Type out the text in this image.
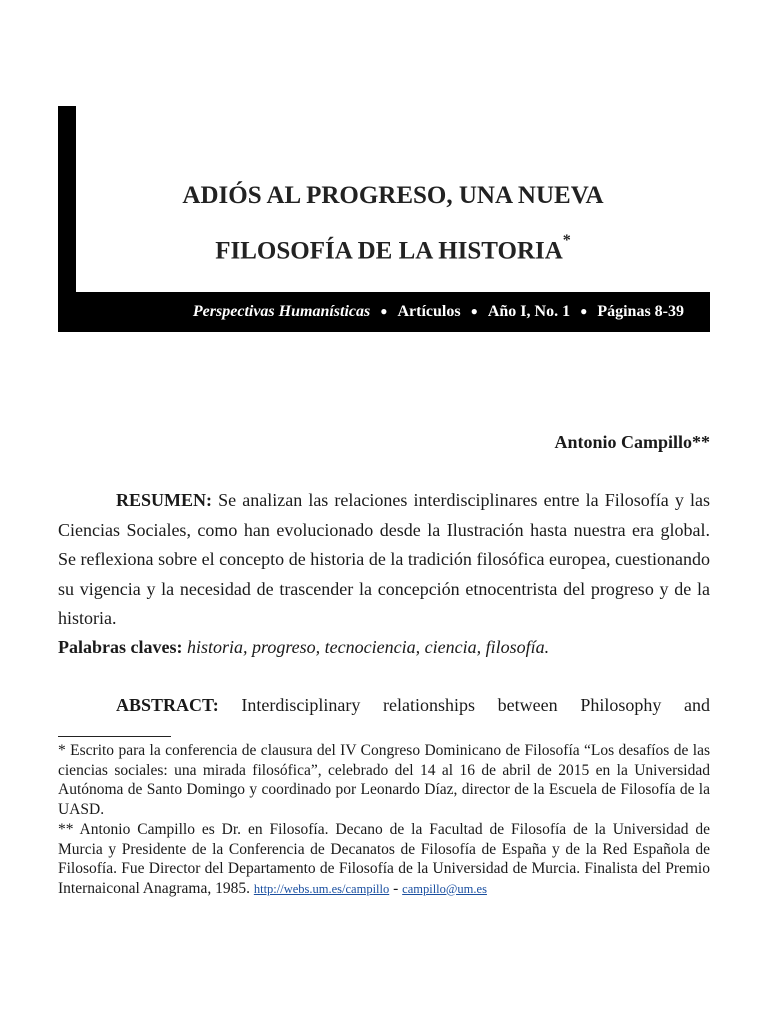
ADIÓS AL PROGRESO, UNA NUEVA
FILOSOFÍA DE LA HISTORIA*
Perspectivas Humanísticas ● Artículos ● Año I, No. 1 ● Páginas 8-39
Antonio Campillo**
RESUMEN: Se analizan las relaciones interdisciplinares entre la Filosofía y las Ciencias Sociales, como han evolucionado desde la Ilustración hasta nuestra era global. Se reflexiona sobre el concepto de historia de la tradición filosófica europea, cuestionando su vigencia y la necesidad de trascender la concepción etnocentrista del progreso y de la historia.
Palabras claves: historia, progreso, tecnociencia, ciencia, filosofía.
ABSTRACT: Interdisciplinary relationships between Philosophy and
* Escrito para la conferencia de clausura del IV Congreso Dominicano de Filosofía “Los desafíos de las ciencias sociales: una mirada filosófica”, celebrado del 14 al 16 de abril de 2015 en la Universidad Autónoma de Santo Domingo y coordinado por Leonardo Díaz, director de la Escuela de Filosofía de la UASD.
** Antonio Campillo es Dr. en Filosofía. Decano de la Facultad de Filosofía de la Universidad de Murcia y Presidente de la Conferencia de Decanatos de Filosofía de España y de la Red Española de Filosofía. Fue Director del Departamento de Filosofía de la Universidad de Murcia. Finalista del Premio Internaiconal Anagrama, 1985. http://webs.um.es/campillo - campillo@um.es
